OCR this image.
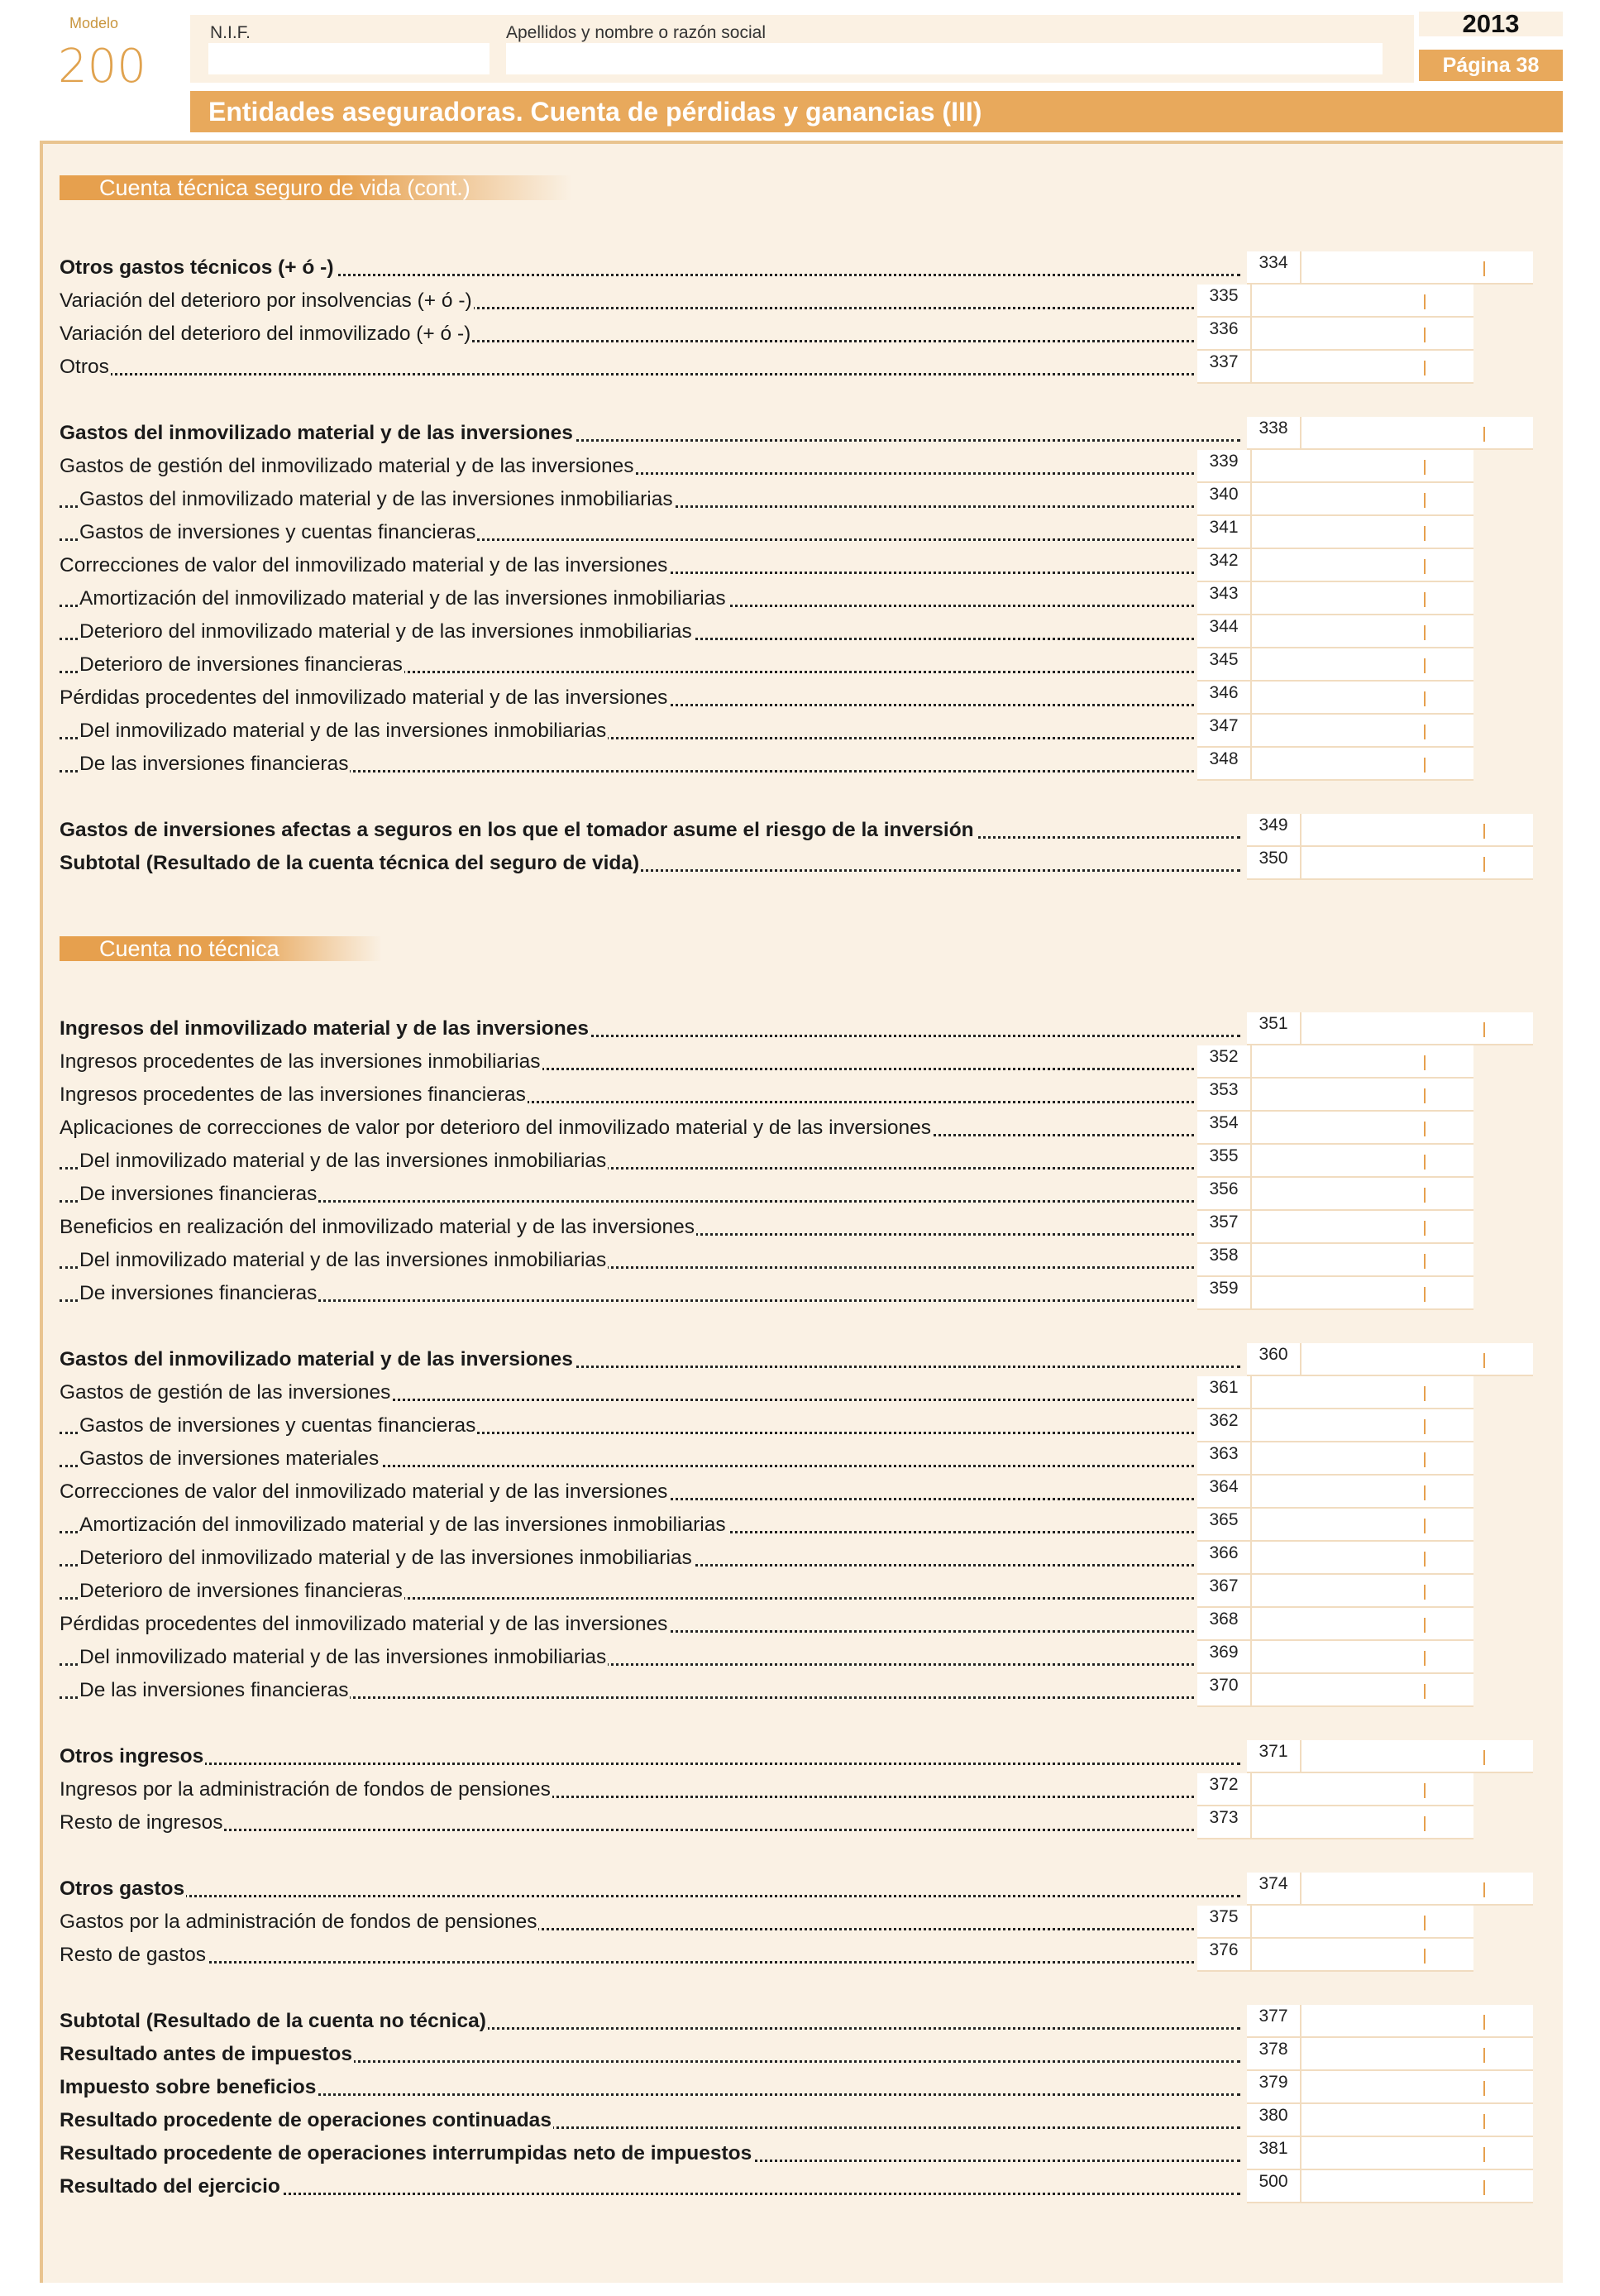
Modelo
200
N.I.F.	Apellidos y nombre o razón social	2013
Página 38
Entidades aseguradoras. Cuenta de pérdidas y ganancias (III)
Cuenta técnica seguro de vida (cont.)
Cuenta no técnica
Otros gastos técnicos (+ ó -)	334
Variación del deterioro por insolvencias (+ ó -)	335
Variación del deterioro del inmovilizado (+ ó -)	336
Otros	337
Gastos del inmovilizado material y de las inversiones	338
Gastos de gestión del inmovilizado material y de las inversiones	339
Gastos del inmovilizado material y de las inversiones inmobiliarias	340
Gastos de inversiones y cuentas financieras	341
Correcciones de valor del inmovilizado material y de las inversiones	342
Amortización del inmovilizado material y de las inversiones inmobiliarias	343
Deterioro del inmovilizado material y de las inversiones inmobiliarias	344
Deterioro de inversiones financieras	345
Pérdidas procedentes del inmovilizado material y de las inversiones	346
Del inmovilizado material y de las inversiones inmobiliarias	347
De las inversiones financieras	348
Gastos de inversiones afectas a seguros en los que el tomador asume el riesgo de la inversión	349
Subtotal (Resultado de la cuenta técnica del seguro de vida)	350
Ingresos del inmovilizado material y de las inversiones	351
Ingresos procedentes de las inversiones inmobiliarias	352
Ingresos procedentes de las inversiones financieras	353
Aplicaciones de correcciones de valor por deterioro del inmovilizado material y de las inversiones	354
Del inmovilizado material y de las inversiones inmobiliarias	355
De inversiones financieras	356
Beneficios en realización del inmovilizado material y de las inversiones	357
Del inmovilizado material y de las inversiones inmobiliarias	358
De inversiones financieras	359
Gastos del inmovilizado material y de las inversiones	360
Gastos de gestión de las inversiones	361
Gastos de inversiones y cuentas financieras	362
Gastos de inversiones materiales	363
Correcciones de valor del inmovilizado material y de las inversiones	364
Amortización del inmovilizado material y de las inversiones inmobiliarias	365
Deterioro del inmovilizado material y de las inversiones inmobiliarias	366
Deterioro de inversiones financieras	367
Pérdidas procedentes del inmovilizado material y de las inversiones	368
Del inmovilizado material y de las inversiones inmobiliarias	369
De las inversiones financieras	370
Otros ingresos	371
Ingresos por la administración de fondos de pensiones	372
Resto de ingresos	373
Otros gastos	374
Gastos por la administración de fondos de pensiones	375
Resto de gastos	376
Subtotal (Resultado de la cuenta no técnica)	377
Resultado antes de impuestos	378
Impuesto sobre beneficios	379
Resultado procedente de operaciones continuadas	380
Resultado procedente de operaciones interrumpidas neto de impuestos	381
Resultado del ejercicio	500
